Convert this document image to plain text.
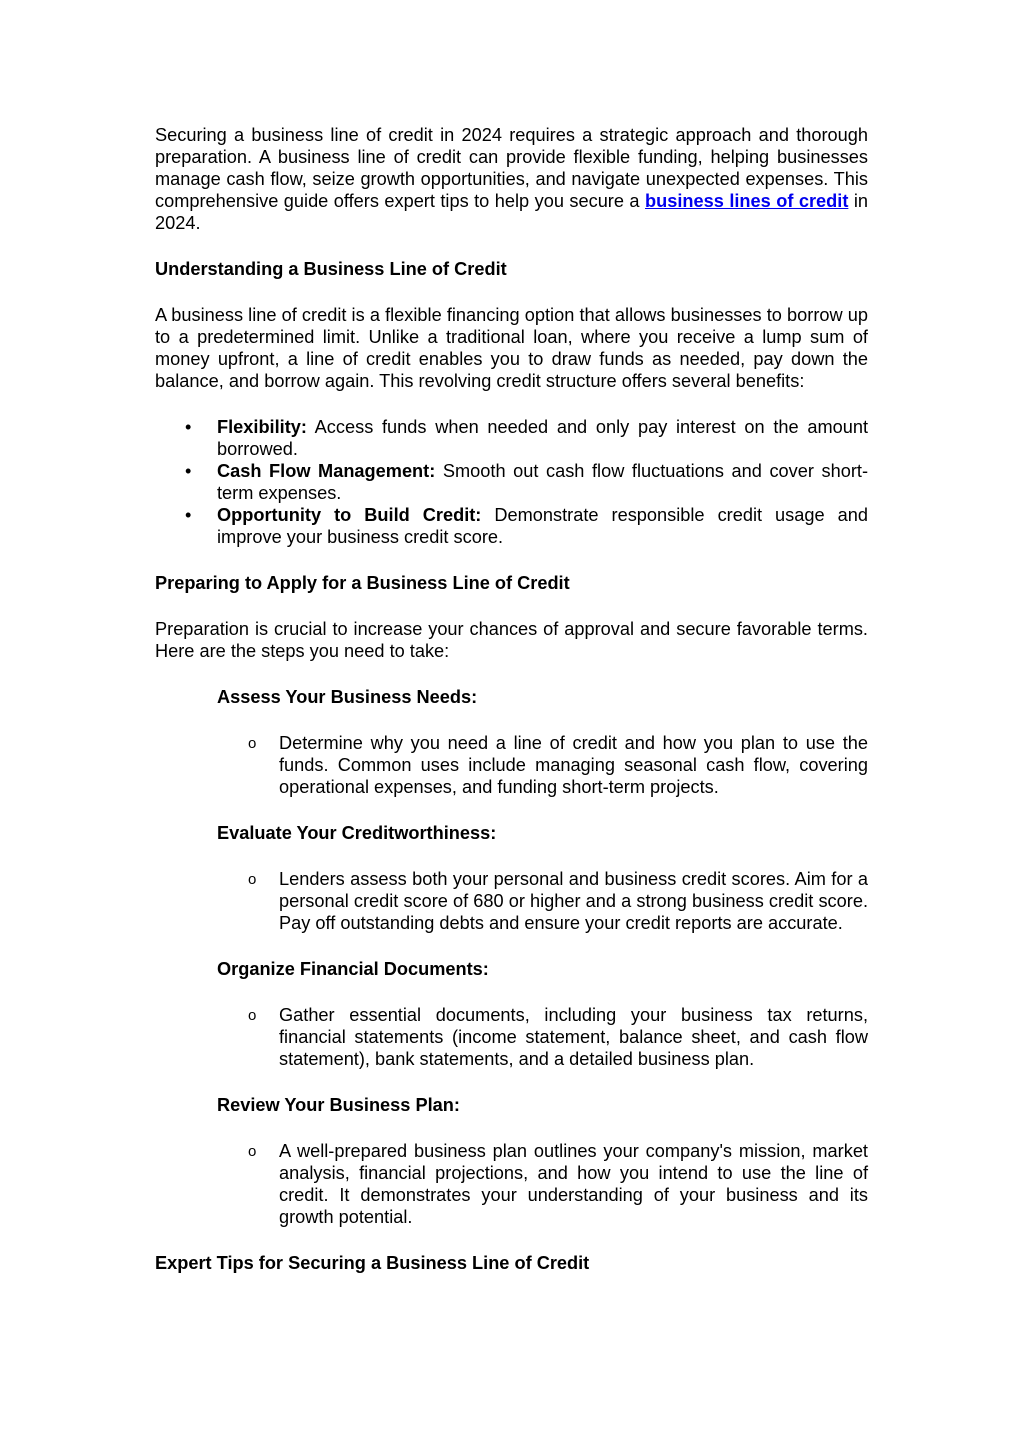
Securing a business line of credit in 2024 requires a strategic approach and thorough preparation. A business line of credit can provide flexible funding, helping businesses manage cash flow, seize growth opportunities, and navigate unexpected expenses. This comprehensive guide offers expert tips to help you secure a business lines of credit in 2024.

Understanding a Business Line of Credit

A business line of credit is a flexible financing option that allows businesses to borrow up to a predetermined limit. Unlike a traditional loan, where you receive a lump sum of money upfront, a line of credit enables you to draw funds as needed, pay down the balance, and borrow again. This revolving credit structure offers several benefits:

• Flexibility: Access funds when needed and only pay interest on the amount borrowed.
• Cash Flow Management: Smooth out cash flow fluctuations and cover short-term expenses.
• Opportunity to Build Credit: Demonstrate responsible credit usage and improve your business credit score.
Preparing to Apply for a Business Line of Credit

Preparation is crucial to increase your chances of approval and secure favorable terms. Here are the steps you need to take:

Assess Your Business Needs:

o Determine why you need a line of credit and how you plan to use the funds. Common uses include managing seasonal cash flow, covering operational expenses, and funding short-term projects.

Evaluate Your Creditworthiness:

o Lenders assess both your personal and business credit scores. Aim for a personal credit score of 680 or higher and a strong business credit score. Pay off outstanding debts and ensure your credit reports are accurate.

Organize Financial Documents:

o Gather essential documents, including your business tax returns, financial statements (income statement, balance sheet, and cash flow statement), bank statements, and a detailed business plan.

Review Your Business Plan:

o A well-prepared business plan outlines your company's mission, market analysis, financial projections, and how you intend to use the line of credit. It demonstrates your understanding of your business and its growth potential.
Expert Tips for Securing a Business Line of Credit
